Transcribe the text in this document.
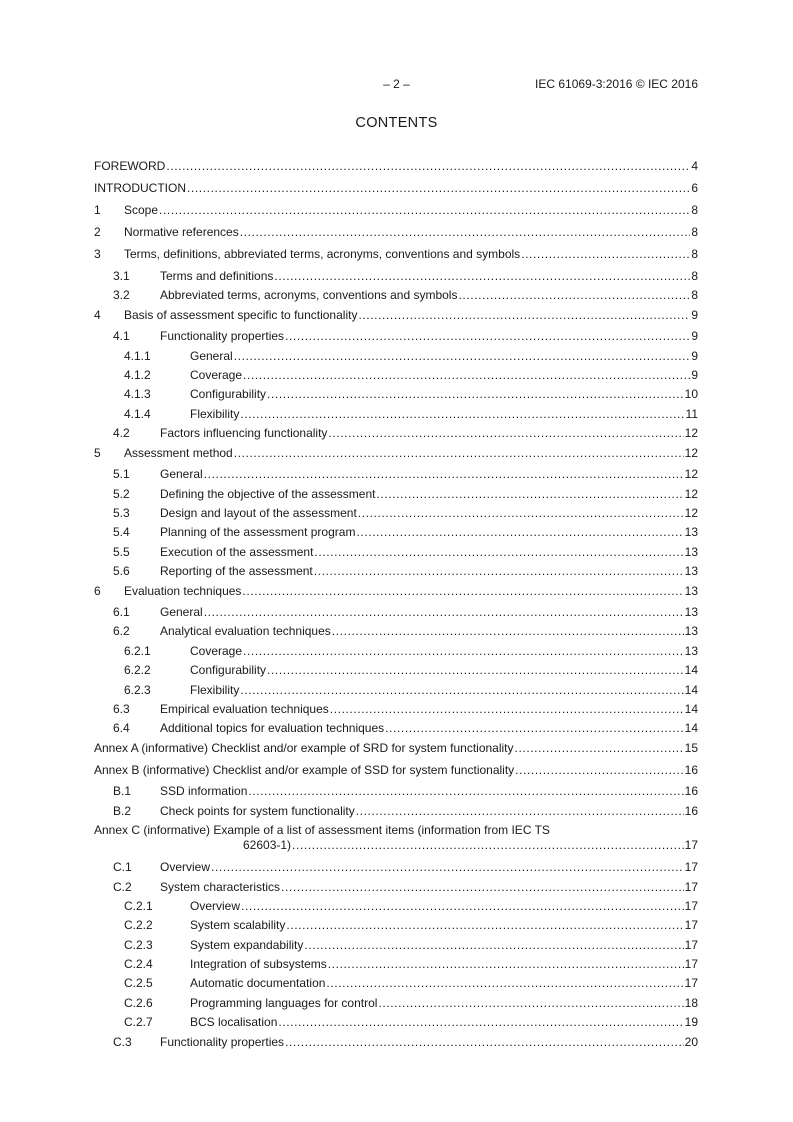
– 2 –	IEC 61069-3:2016 © IEC 2016
CONTENTS
FOREWORD .....	4
INTRODUCTION .....	6
1 Scope .....	8
2 Normative references .....	8
3 Terms, definitions, abbreviated terms, acronyms, conventions and symbols .....	8
3.1	Terms and definitions .....	8
3.2	Abbreviated terms, acronyms, conventions and symbols .....	8
4 Basis of assessment specific to functionality .....	9
4.1	Functionality properties .....	9
4.1.1	General .....	9
4.1.2	Coverage .....	9
4.1.3	Configurability .....	10
4.1.4	Flexibility .....	11
4.2	Factors influencing functionality .....	12
5 Assessment method .....	12
5.1	General .....	12
5.2	Defining the objective of the assessment .....	12
5.3	Design and layout of the assessment .....	12
5.4	Planning of the assessment program .....	13
5.5	Execution of the assessment .....	13
5.6	Reporting of the assessment .....	13
6 Evaluation techniques .....	13
6.1	General .....	13
6.2	Analytical evaluation techniques .....	13
6.2.1	Coverage .....	13
6.2.2	Configurability .....	14
6.2.3	Flexibility .....	14
6.3	Empirical evaluation techniques .....	14
6.4	Additional topics for evaluation techniques .....	14
Annex A (informative) Checklist and/or example of SRD for system functionality .....	15
Annex B (informative) Checklist and/or example of SSD for system functionality .....	16
B.1 SSD information .....	16
B.2 Check points for system functionality .....	16
Annex C (informative) Example of a list of assessment items (information from IEC TS
62603-1) .....	17
C.1 Overview .....	17
C.2 System characteristics .....	17
C.2.1	Overview .....	17
C.2.2	System scalability .....	17
C.2.3	System expandability .....	17
C.2.4	Integration of subsystems .....	17
C.2.5	Automatic documentation .....	17
C.2.6	Programming languages for control .....	18
C.2.7	BCS localisation .....	19
C.3 Functionality properties .....	20
